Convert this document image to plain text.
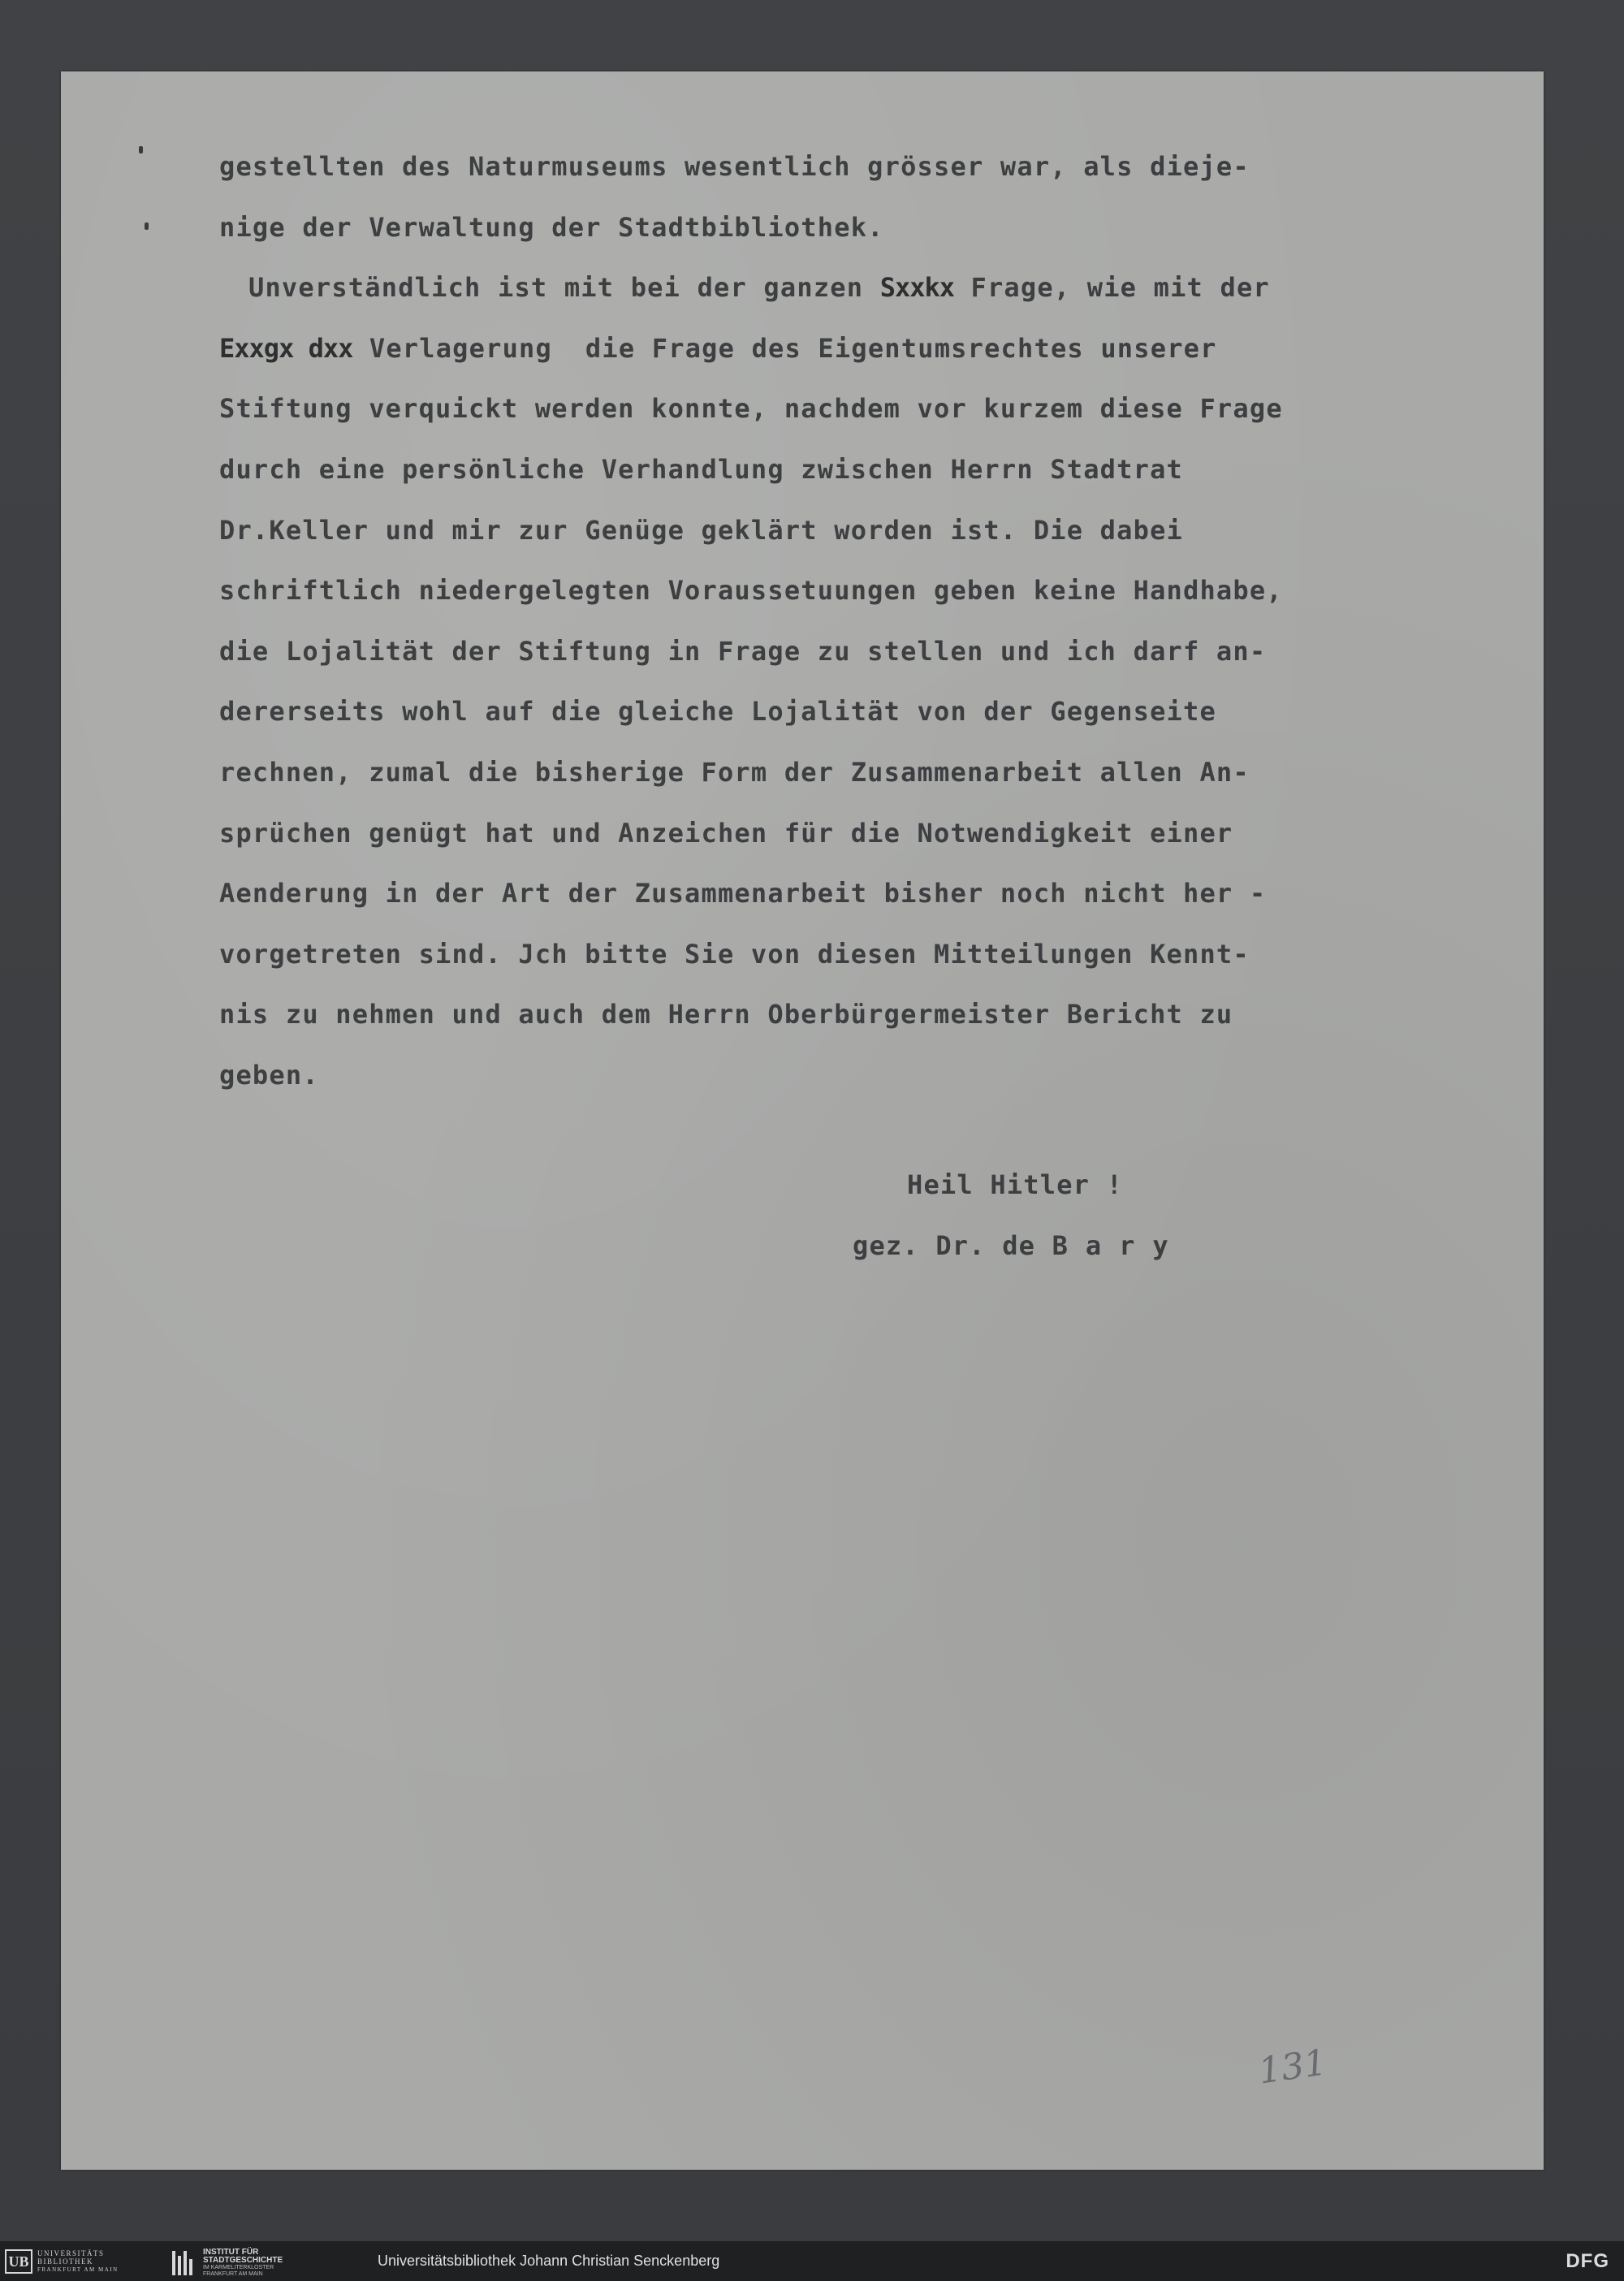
gestellten des Naturmuseums wesentlich grösser war, als dieje-
nige der Verwaltung der Stadtbibliothek.
Unverständlich ist mit bei der ganzen Sxxkx Frage, wie mit der
Exxgx dxx Verlagerung  die Frage des Eigentumsrechtes unserer
Stiftung verquickt werden konnte, nachdem vor kurzem diese Frage
durch eine persönliche Verhandlung zwischen Herrn Stadtrat
Dr.Keller und mir zur Genüge geklärt worden ist. Die dabei
schriftlich niedergelegten Voraussetuungen geben keine Handhabe,
die Lojalität der Stiftung in Frage zu stellen und ich darf an-
dererseits wohl auf die gleiche Lojalität von der Gegenseite
rechnen, zumal die bisherige Form der Zusammenarbeit allen An-
sprüchen genügt hat und Anzeichen für die Notwendigkeit einer
Aenderung in der Art der Zusammenarbeit bisher noch nicht her -
vorgetreten sind. Jch bitte Sie von diesen Mitteilungen Kennt-
nis zu nehmen und auch dem Herrn Oberbürgermeister Bericht zu
geben.
Heil Hitler !
gez. Dr. de Bary
131
UB	UNIVERSITÄTS
BIBLIOTHEK
FRANKFURT AM MAIN
INSTITUT FÜR
STADTGESCHICHTE
IM KARMELITERKLOSTER
FRANKFURT AM MAIN
Universitätsbibliothek Johann Christian Senckenberg	DFG
